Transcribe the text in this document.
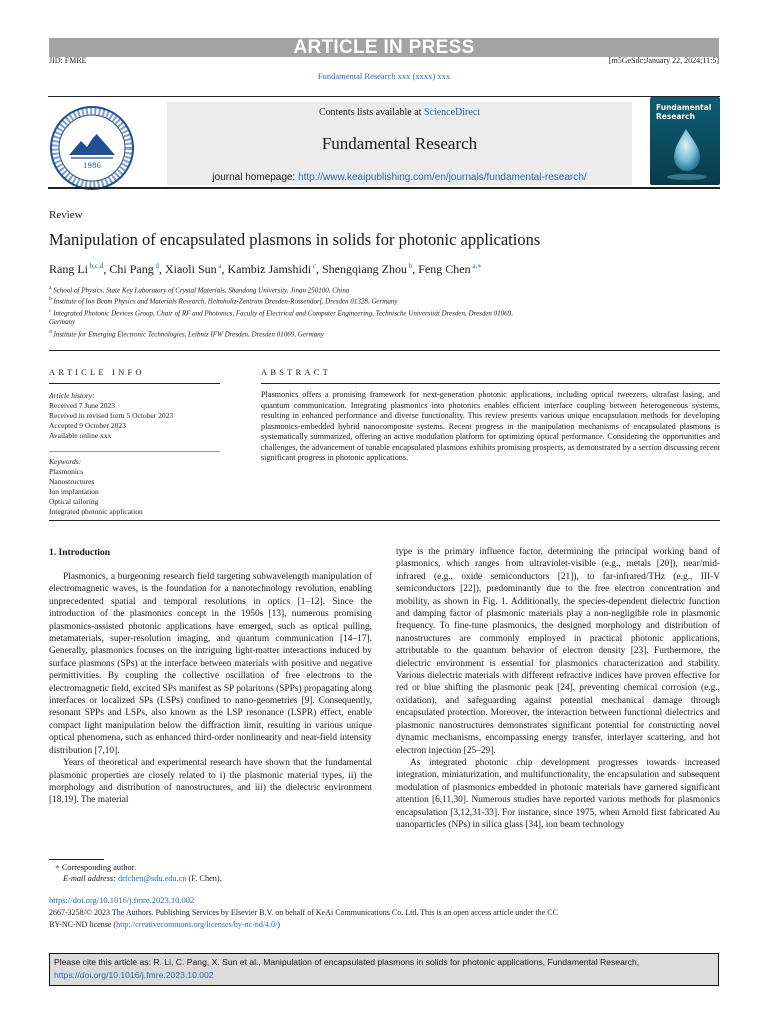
ARTICLE IN PRESS
JID: FMRE	[m5GeSdc;January 22, 2024;11:5]
Fundamental Research xxx (xxxx) xxx
1986
Contents lists available at ScienceDirect
Fundamental Research
journal homepage: http://www.keaipublishing.com/en/journals/fundamental-research/
Fundamental
Research
Review
Manipulation of encapsulated plasmons in solids for photonic applications
Rang Li $^{b,c,d}$, Chi Pang $^d$, Xiaoli Sun $^a$, Kambiz Jamshidi $^c$, Shengqiang Zhou $^b$, Feng Chen $^{a,∗}$
$^a$ School of Physics, State Key Laboratory of Crystal Materials, Shandong University, Jinan 250100, China
$^b$ Institute of Ion Beam Physics and Materials Research, Helmholtz-Zentrum Dresden-Rossendorf, Dresden 01328, Germany
$^c$ Integrated Photonic Devices Group, Chair of RF and Photonics, Faculty of Electrical and Computer Engineering, Technische Universität Dresden, Dresden 01069,
Germany
$^d$ Institute for Emerging Electronic Technologies, Leibniz IFW Dresden, Dresden 01069, Germany
ARTICLE INFO
Article history:
Received 7 June 2023
Received in revised form 5 October 2023
Accepted 9 October 2023
Available online xxx
Keywords:
Plasmonics
Nanostructures
Ion implantation
Optical tailoring
Integrated photonic application
ABSTRACT
Plasmonics offers a promising framework for next-generation photonic applications, including optical tweezers, ultrafast lasing, and quantum communication. Integrating plasmonics into photonics enables efficient interface coupling between heterogeneous systems, resulting in enhanced performance and diverse functionality. This review presents various unique encapsulation methods for developing plasmonics-embedded hybrid nanocomposite systems. Recent progress in the manipulation mechanisms of encapsulated plasmons is systematically summarized, offering an active modulation platform for optimizing optical performance. Considering the opportunities and challenges, the advancement of tunable encapsulated plasmons exhibits promising prospects, as demonstrated by a section discussing recent significant progress in photonic applications.
1. Introduction

Plasmonics, a burgeoning research field targeting subwavelength manipulation of electromagnetic waves, is the foundation for a nanotechnology revolution, enabling unprecedented spatial and temporal resolutions in optics [1–12]. Since the introduction of the plasmonics concept in the 1950s [13], numerous promising plasmonics-assisted photonic applications have emerged, such as optical pulling, metamaterials, super-resolution imaging, and quantum communication [14–17]. Generally, plasmonics focuses on the intriguing light-matter interactions induced by surface plasmons (SPs) at the interface between materials with positive and negative permittivities. By coupling the collective oscillation of free electrons to the electromagnetic field, excited SPs manifest as SP polaritons (SPPs) propagating along interfaces or localized SPs (LSPs) confined to nano-geometries [9]. Consequently, resonant SPPs and LSPs, also known as the LSP resonance (LSPR) effect, enable compact light manipulation below the diffraction limit, resulting in various unique optical phenomena, such as enhanced third-order nonlinearity and near-field intensity distribution [7,10].

Years of theoretical and experimental research have shown that the fundamental plasmonic properties are closely related to i) the plasmonic material types, ii) the morphology and distribution of nanostructures, and iii) the dielectric environment [18,19]. The material

type is the primary influence factor, determining the principal working band of plasmonics, which ranges from ultraviolet-visible (e.g., metals [20]), near/mid-infrared (e.g., oxide semiconductors [21]), to far-infrared/THz (e.g., III-V semiconductors [22]), predominantly due to the free electron concentration and mobility, as shown in Fig. 1. Additionally, the species-dependent dielectric function and damping factor of plasmonic materials play a non-negligible role in plasmonic frequency. To fine-tune plasmonics, the designed morphology and distribution of nanostructures are commonly employed in practical photonic applications, attributable to the quantum behavior of electron density [23]. Furthermore, the dielectric environment is essential for plasmonics characterization and stability. Various dielectric materials with different refractive indices have proven effective for red or blue shifting the plasmonic peak [24], preventing chemical corrosion (e.g., oxidation), and safeguarding against potential mechanical damage through encapsulated protection. Moreover, the interaction between functional dielectrics and plasmonic nanostructures demonstrates significant potential for constructing novel dynamic mechanisms, encompassing energy transfer, interlayer scattering, and hot electron injection [25–29].

As integrated photonic chip development progresses towards increased integration, miniaturization, and multifunctionality, the encapsulation and subsequent modulation of plasmonics embedded in photonic materials have garnered significant attention [6,11,30]. Numerous studies have reported various methods for plasmonics encapsulation [3,12,31-33]. For instance, since 1975, when Arnold first fabricated Au nanoparticles (NPs) in silica glass [34], ion beam technology

∗ Corresponding author.
E-mail address: drfchen@sdu.edu.cn (F. Chen).
https://doi.org/10.1016/j.fmre.2023.10.002
2667-3258/© 2023 The Authors. Publishing Services by Elsevier B.V. on behalf of KeAi Communications Co. Ltd. This is an open access article under the CC
BY-NC-ND license (http://creativecommons.org/licenses/by-nc-nd/4.0/)
Please cite this article as: R. Li, C. Pang, X. Sun et al., Manipulation of encapsulated plasmons in solids for photonic applications, Fundamental Research, https://doi.org/10.1016/j.fmre.2023.10.002
